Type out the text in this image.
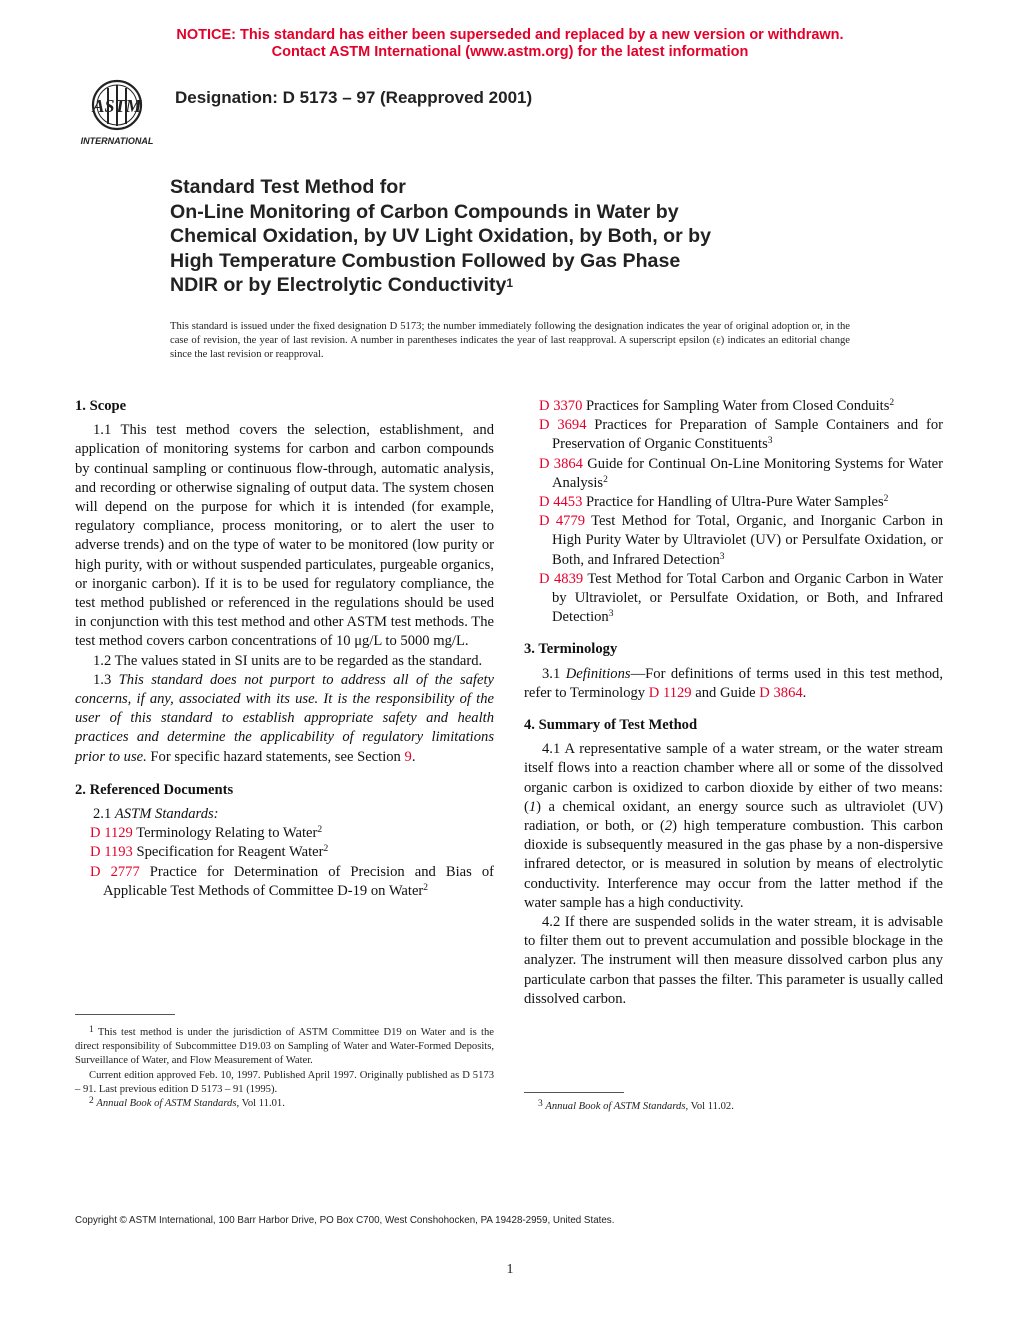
NOTICE: This standard has either been superseded and replaced by a new version or withdrawn.
Contact ASTM International (www.astm.org) for the latest information
ASTM
INTERNATIONAL
Designation: D 5173 – 97 (Reapproved 2001)
Standard Test Method for
On-Line Monitoring of Carbon Compounds in Water by
Chemical Oxidation, by UV Light Oxidation, by Both, or by
High Temperature Combustion Followed by Gas Phase
NDIR or by Electrolytic Conductivity$^1$
This standard is issued under the fixed designation D 5173; the number immediately following the designation indicates the year of original adoption or, in the case of revision, the year of last revision. A number in parentheses indicates the year of last reapproval. A superscript epsilon (ε) indicates an editorial change since the last revision or reapproval.

1. Scope

1.1 This test method covers the selection, establishment, and application of monitoring systems for carbon and carbon compounds by continual sampling or continuous flow-through, automatic analysis, and recording or otherwise signaling of output data. The system chosen will depend on the purpose for which it is intended (for example, regulatory compliance, process monitoring, or to alert the user to adverse trends) and on the type of water to be monitored (low purity or high purity, with or without suspended particulates, purgeable organics, or inorganic carbon). If it is to be used for regulatory compliance, the test method published or referenced in the regulations should be used in conjunction with this test method and other ASTM test methods. The test method covers carbon concentrations of 10 μg/L to 5000 mg/L.

1.2 The values stated in SI units are to be regarded as the standard.

1.3 This standard does not purport to address all of the safety concerns, if any, associated with its use. It is the responsibility of the user of this standard to establish appropriate safety and health practices and determine the applicability of regulatory limitations prior to use. For specific hazard statements, see Section 9.

2. Referenced Documents

2.1 ASTM Standards:

D 1129 Terminology Relating to Water$^2$

D 1193 Specification for Reagent Water$^2$

D 2777 Practice for Determination of Precision and Bias of Applicable Test Methods of Committee D-19 on Water$^2$

$^1$ This test method is under the jurisdiction of ASTM Committee D19 on Water and is the direct responsibility of Subcommittee D19.03 on Sampling of Water and Water-Formed Deposits, Surveillance of Water, and Flow Measurement of Water.

Current edition approved Feb. 10, 1997. Published April 1997. Originally published as D 5173 – 91. Last previous edition D 5173 – 91 (1995).

$^2$ Annual Book of ASTM Standards, Vol 11.01.

D 3370 Practices for Sampling Water from Closed Conduits$^2$

D 3694 Practices for Preparation of Sample Containers and for Preservation of Organic Constituents$^3$

D 3864 Guide for Continual On-Line Monitoring Systems for Water Analysis$^2$

D 4453 Practice for Handling of Ultra-Pure Water Samples$^2$

D 4779 Test Method for Total, Organic, and Inorganic Carbon in High Purity Water by Ultraviolet (UV) or Persulfate Oxidation, or Both, and Infrared Detection$^3$

D 4839 Test Method for Total Carbon and Organic Carbon in Water by Ultraviolet, or Persulfate Oxidation, or Both, and Infrared Detection$^3$

3. Terminology

3.1 Definitions—For definitions of terms used in this test method, refer to Terminology D 1129 and Guide D 3864.

4. Summary of Test Method

4.1 A representative sample of a water stream, or the water stream itself flows into a reaction chamber where all or some of the dissolved organic carbon is oxidized to carbon dioxide by either of two means: (1) a chemical oxidant, an energy source such as ultraviolet (UV) radiation, or both, or (2) high temperature combustion. This carbon dioxide is subsequently measured in the gas phase by a non-dispersive infrared detector, or is measured in solution by means of electrolytic conductivity. Interference may occur from the latter method if the water sample has a high conductivity.

4.2 If there are suspended solids in the water stream, it is advisable to filter them out to prevent accumulation and possible blockage in the analyzer. The instrument will then measure dissolved carbon plus any particulate carbon that passes the filter. This parameter is usually called dissolved carbon.

$^3$ Annual Book of ASTM Standards, Vol 11.02.

Copyright © ASTM International, 100 Barr Harbor Drive, PO Box C700, West Conshohocken, PA 19428-2959, United States.
1
